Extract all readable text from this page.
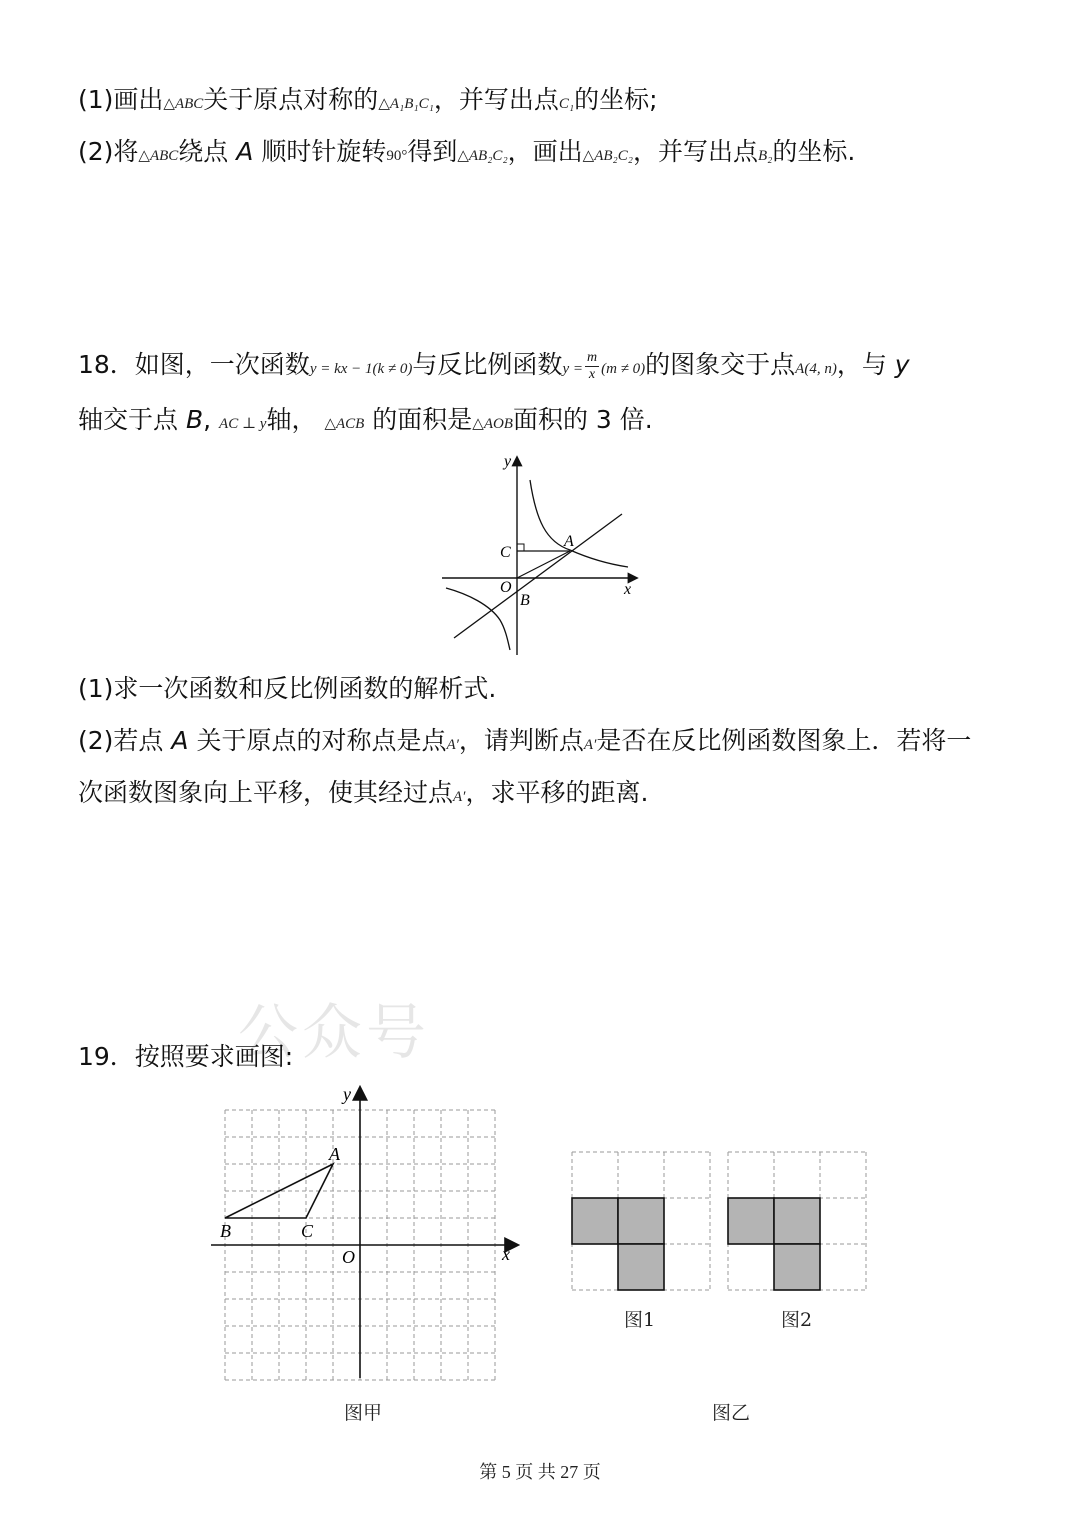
(1)画出△ABC关于原点对称的△A₁B₁C₁，并写出点C₁的坐标;
(2)将△ABC绕点 A 顺时针旋转90°得到△AB₂C₂，画出△AB₂C₂，并写出点B₂的坐标.
18．如图，一次函数y = kx − 1(k ≠ 0)与反比例函数$y = \frac{m}{x} (m \ne 0)$的图象交于点A(4, n)，与 y
轴交于点 B, AC ⊥ y轴， △ACB 的面积是△AOB面积的 3 倍.
y
x
A
C
O
B
(1)求一次函数和反比例函数的解析式.
(2)若点 A 关于原点的对称点是点A′，请判断点A′是否在反比例函数图象上．若将一
次函数图象向上平移，使其经过点A′，求平移的距离.
公众号
19．按照要求画图:
y
x
O
A
B	C
图甲
图1	图2
图乙
第 5 页 共 27 页
